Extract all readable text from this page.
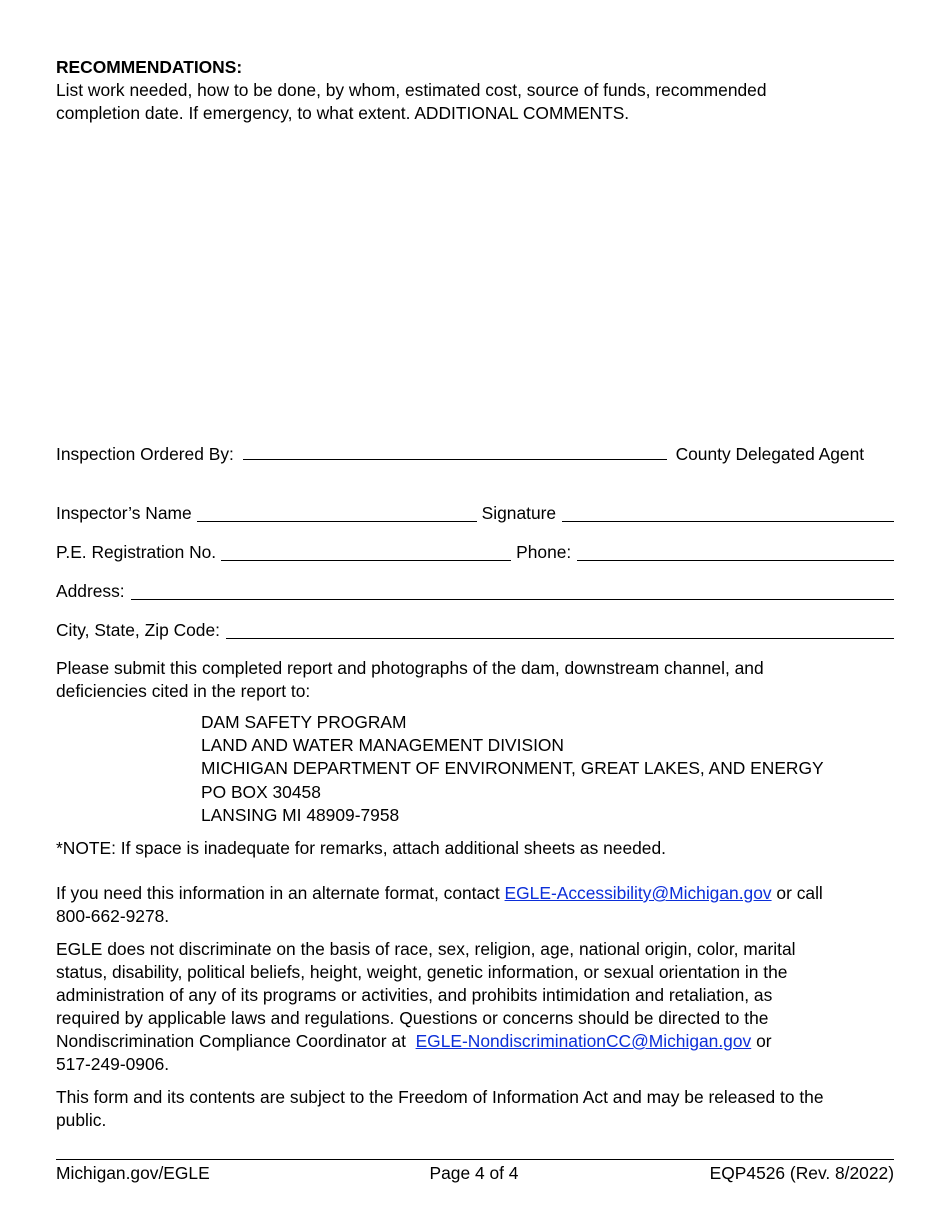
RECOMMENDATIONS:
List work needed, how to be done, by whom, estimated cost, source of funds, recommended
completion date. If emergency, to what extent. ADDITIONAL COMMENTS.
Inspection Ordered By:	County Delegated Agent
Inspector’s Name	Signature
P.E. Registration No.	Phone:
Address:
City, State, Zip Code:
Please submit this completed report and photographs of the dam, downstream channel, and
deficiencies cited in the report to:
DAM SAFETY PROGRAM
LAND AND WATER MANAGEMENT DIVISION
MICHIGAN DEPARTMENT OF ENVIRONMENT, GREAT LAKES, AND ENERGY
PO BOX 30458
LANSING MI 48909-7958
*NOTE: If space is inadequate for remarks, attach additional sheets as needed.
If you need this information in an alternate format, contact EGLE-Accessibility@Michigan.gov or call
800-662-9278.
EGLE does not discriminate on the basis of race, sex, religion, age, national origin, color, marital
status, disability, political beliefs, height, weight, genetic information, or sexual orientation in the
administration of any of its programs or activities, and prohibits intimidation and retaliation, as
required by applicable laws and regulations. Questions or concerns should be directed to the
Nondiscrimination Compliance Coordinator at  EGLE-NondiscriminationCC@Michigan.gov or
517-249-0906.
This form and its contents are subject to the Freedom of Information Act and may be released to the
public.
Michigan.gov/EGLE	Page 4 of 4	EQP4526 (Rev. 8/2022)
